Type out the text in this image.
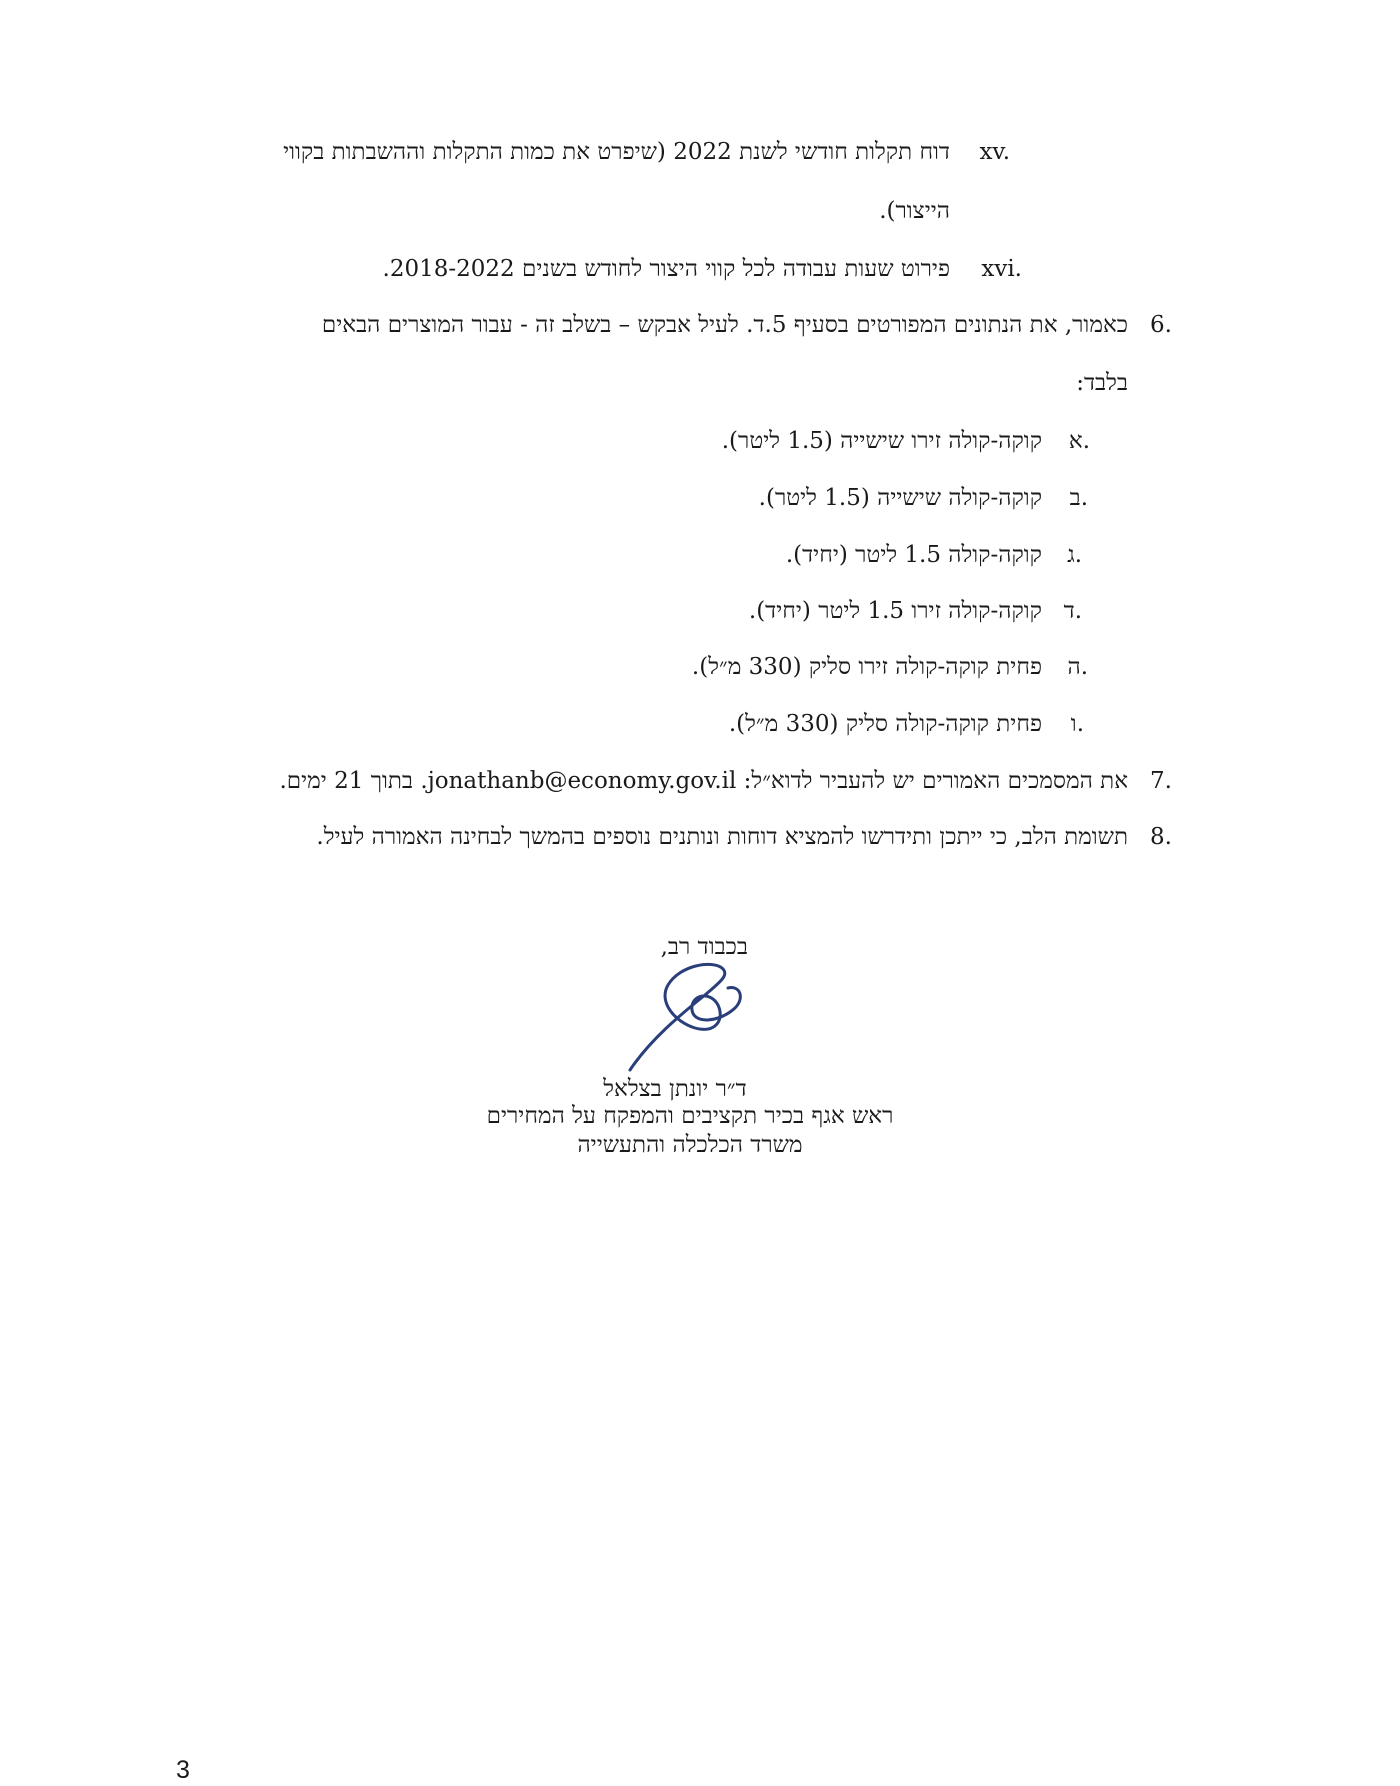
xv.
דוח תקלות חודשי לשנת 2022 (שיפרט את כמות התקלות וההשבתות בקווי
הייצור).
xvi.
פירוט שעות עבודה לכל קווי היצור לחודש בשנים 2018-2022.
6.
כאמור, את הנתונים המפורטים בסעיף 5.ד. לעיל אבקש – בשלב זה - עבור המוצרים הבאים
בלבד:
א.
קוקה-קולה זירו שישייה (1.5 ליטר).
ב.
קוקה-קולה שישייה (1.5 ליטר).
ג.
קוקה-קולה 1.5 ליטר (יחיד).
ד.
קוקה-קולה זירו 1.5 ליטר (יחיד).
ה.
פחית קוקה-קולה זירו סליק (330 מ״ל).
ו.
פחית קוקה-קולה סליק (330 מ״ל).
7.
את המסמכים האמורים יש להעביר לדוא״ל: jonathanb@economy.gov.il. בתוך 21 ימים.
8.
תשומת הלב, כי ייתכן ותידרשו להמציא דוחות ונותנים נוספים בהמשך לבחינה האמורה לעיל.
בכבוד רב,
ד״ר יונתן בצלאל
ראש אגף בכיר תקציבים והמפקח על המחירים
משרד הכלכלה והתעשייה
3
